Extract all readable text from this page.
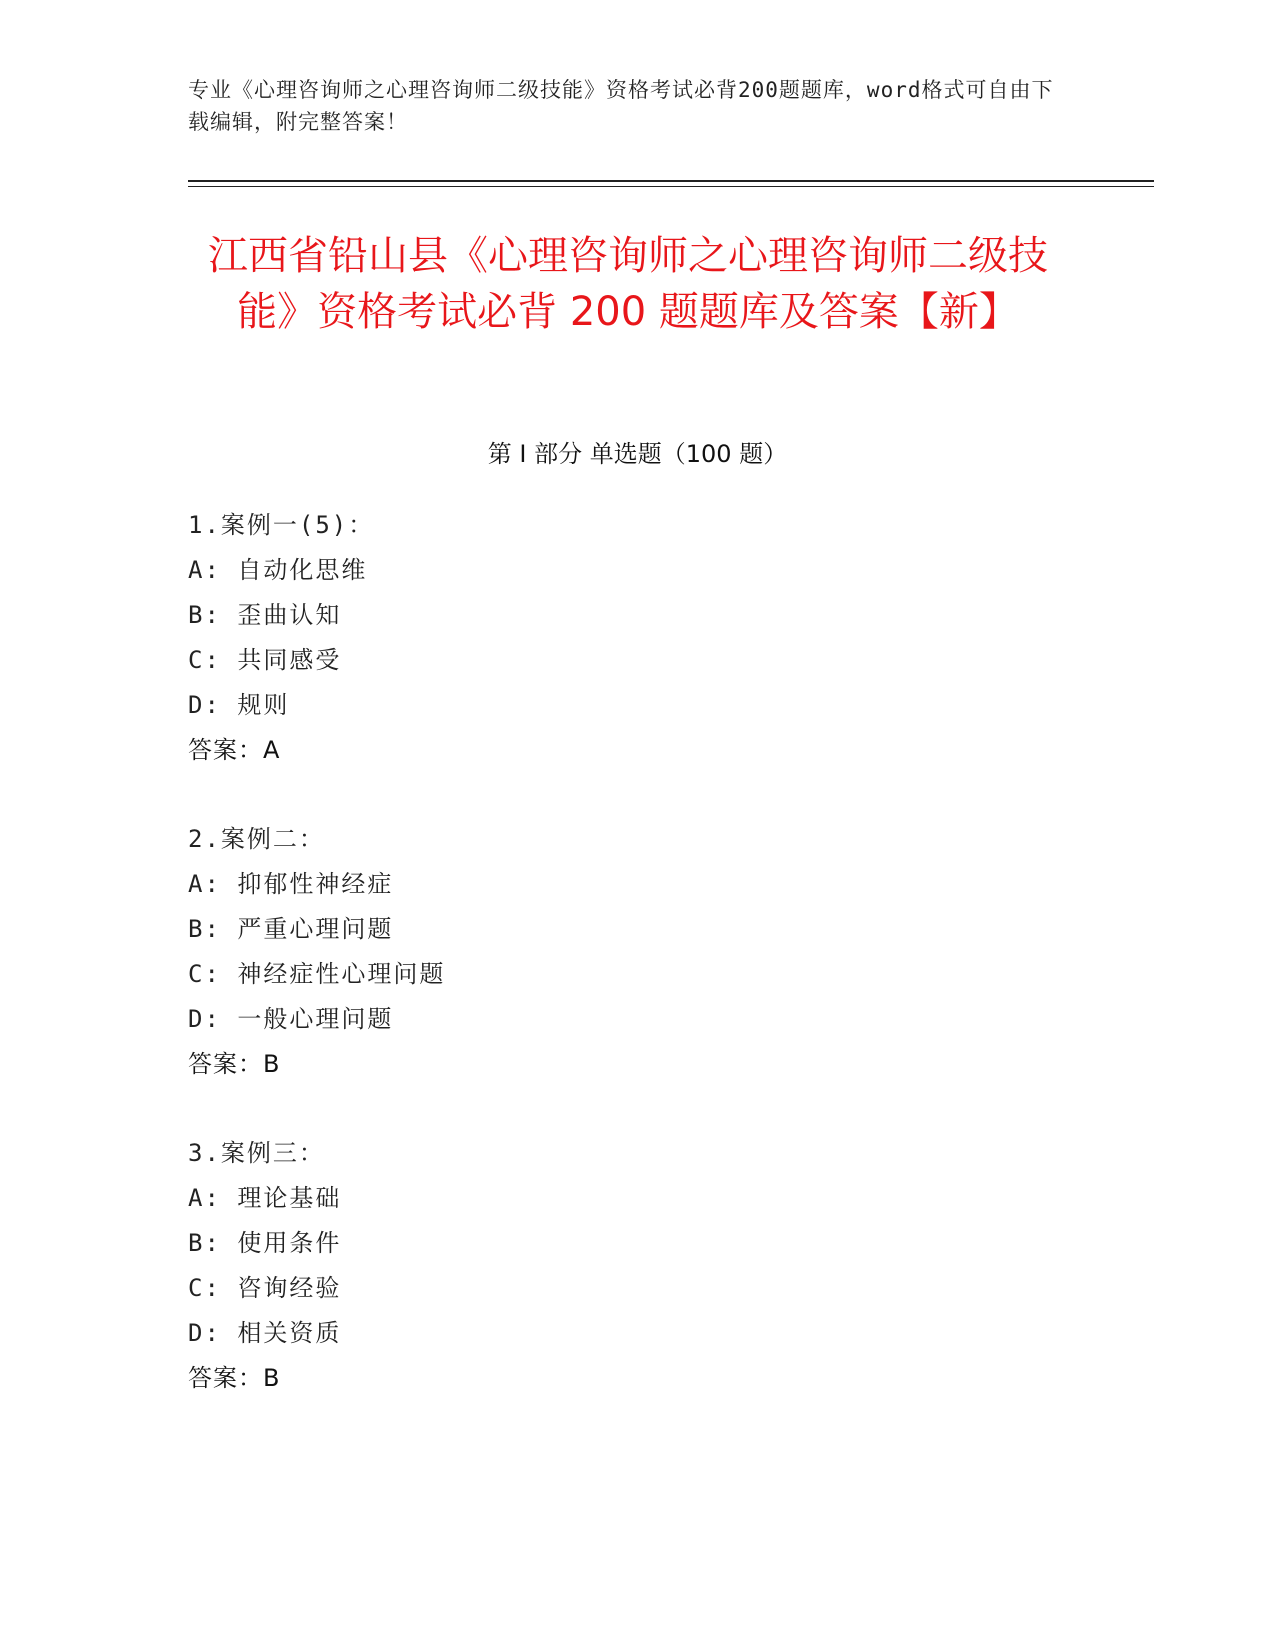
专业《心理咨询师之心理咨询师二级技能》资格考试必背200题题库，word格式可自由下载编辑，附完整答案！
江西省铅山县《心理咨询师之心理咨询师二级技能》资格考试必背 200 题题库及答案【新】
第 I 部分 单选题（100 题）
1.案例一(5)：
A: 自动化思维
B: 歪曲认知
C: 共同感受
D: 规则
答案：A
2.案例二：
A: 抑郁性神经症
B: 严重心理问题
C: 神经症性心理问题
D: 一般心理问题
答案：B
3.案例三：
A: 理论基础
B: 使用条件
C: 咨询经验
D: 相关资质
答案：B
